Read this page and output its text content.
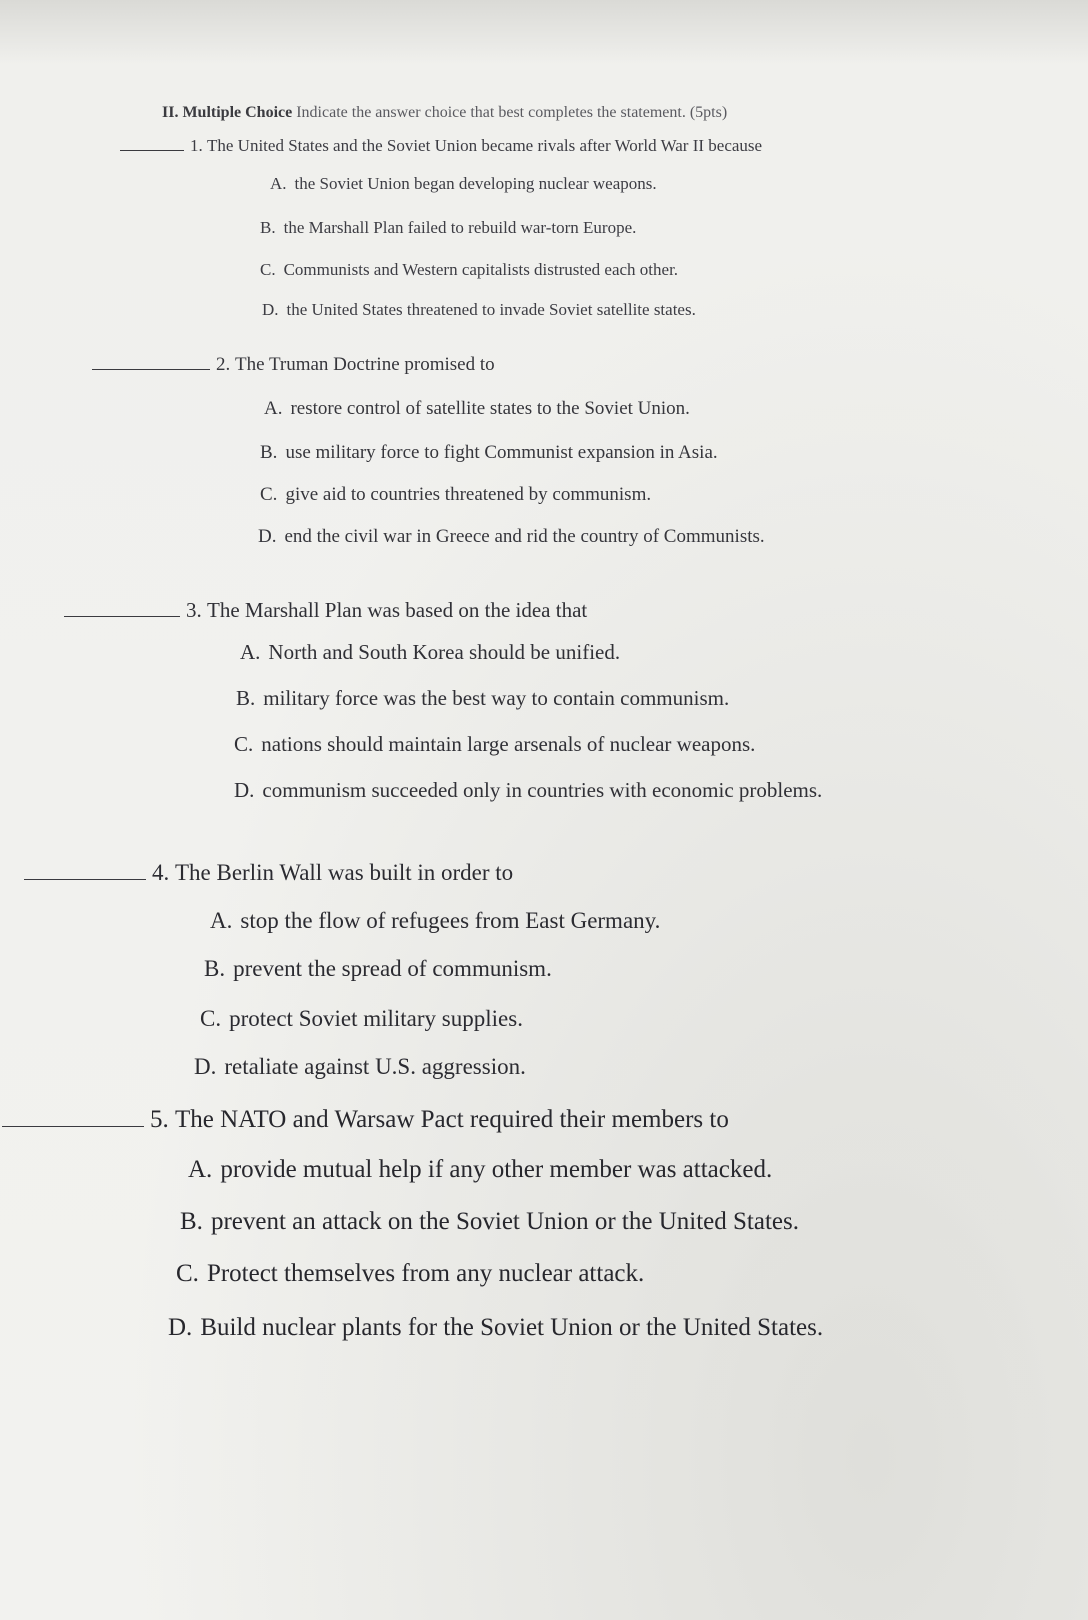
II. Multiple Choice Indicate the answer choice that best completes the statement. (5pts)
1.
The United States and the Soviet Union became rivals after World War II because
A. the Soviet Union began developing nuclear weapons.
B. the Marshall Plan failed to rebuild war-torn Europe.
C. Communists and Western capitalists distrusted each other.
D. the United States threatened to invade Soviet satellite states.
2.
The Truman Doctrine promised to
A. restore control of satellite states to the Soviet Union.
B. use military force to fight Communist expansion in Asia.
C. give aid to countries threatened by communism.
D. end the civil war in Greece and rid the country of Communists.
3.
The Marshall Plan was based on the idea that
A. North and South Korea should be unified.
B. military force was the best way to contain communism.
C. nations should maintain large arsenals of nuclear weapons.
D. communism succeeded only in countries with economic problems.
4.
The Berlin Wall was built in order to
A. stop the flow of refugees from East Germany.
B. prevent the spread of communism.
C. protect Soviet military supplies.
D. retaliate against U.S. aggression.
5.
The NATO and Warsaw Pact required their members to
A. provide mutual help if any other member was attacked.
B. prevent an attack on the Soviet Union or the United States.
C. Protect themselves from any nuclear attack.
D. Build nuclear plants for the Soviet Union or the United States.
